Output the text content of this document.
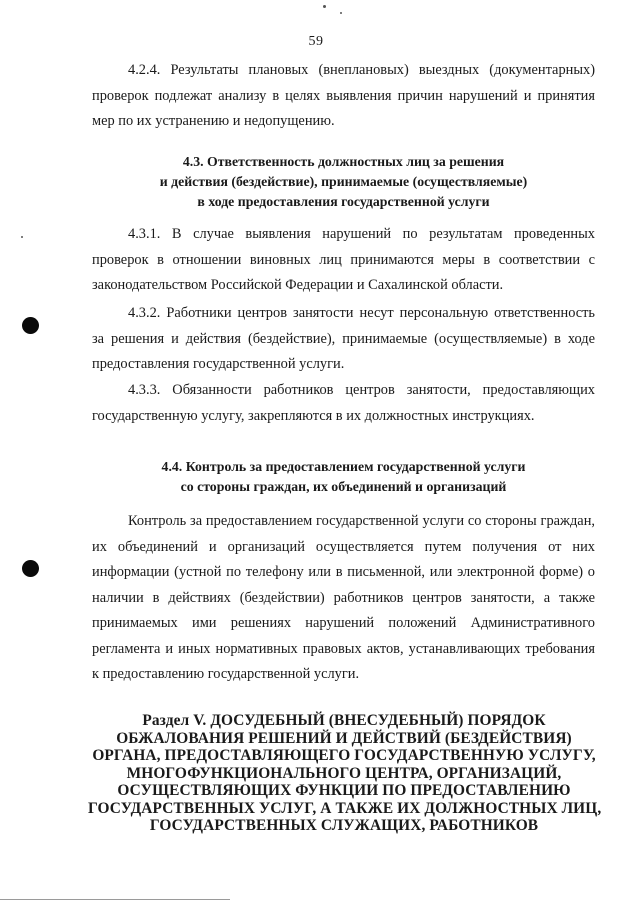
59

4.2.4. Результаты плановых (внеплановых) выездных (документарных) проверок подлежат анализу в целях выявления причин нарушений и принятия мер по их устранению и недопущению.

4.3. Ответственность должностных лиц за решения
и действия (бездействие), принимаемые (осуществляемые)
в ходе предоставления государственной услуги

4.3.1. В случае выявления нарушений по результатам проведенных проверок в отношении виновных лиц принимаются меры в соответствии с законодательством Российской Федерации и Сахалинской области.

4.3.2. Работники центров занятости несут персональную ответственность за решения и действия (бездействие), принимаемые (осуществляемые) в ходе предоставления государственной услуги.

4.3.3. Обязанности работников центров занятости, предоставляющих государственную услугу, закрепляются в их должностных инструкциях.

4.4. Контроль за предоставлением государственной услуги
со стороны граждан, их объединений и организаций

Контроль за предоставлением государственной услуги со стороны граждан, их объединений и организаций осуществляется путем получения от них информации (устной по телефону или в письменной, или электронной форме) о наличии в действиях (бездействии) работников центров занятости, а также принимаемых ими решениях нарушений положений Административного регламента и иных нормативных правовых актов, устанавливающих требования к предоставлению государственной услуги.

Раздел V. ДОСУДЕБНЫЙ (ВНЕСУДЕБНЫЙ) ПОРЯДОК
ОБЖАЛОВАНИЯ РЕШЕНИЙ И ДЕЙСТВИЙ (БЕЗДЕЙСТВИЯ)
ОРГАНА, ПРЕДОСТАВЛЯЮЩЕГО ГОСУДАРСТВЕННУЮ УСЛУГУ,
МНОГОФУНКЦИОНАЛЬНОГО ЦЕНТРА, ОРГАНИЗАЦИЙ,
ОСУЩЕСТВЛЯЮЩИХ ФУНКЦИИ ПО ПРЕДОСТАВЛЕНИЮ
ГОСУДАРСТВЕННЫХ УСЛУГ, А ТАКЖЕ ИХ ДОЛЖНОСТНЫХ ЛИЦ,
ГОСУДАРСТВЕННЫХ СЛУЖАЩИХ, РАБОТНИКОВ
